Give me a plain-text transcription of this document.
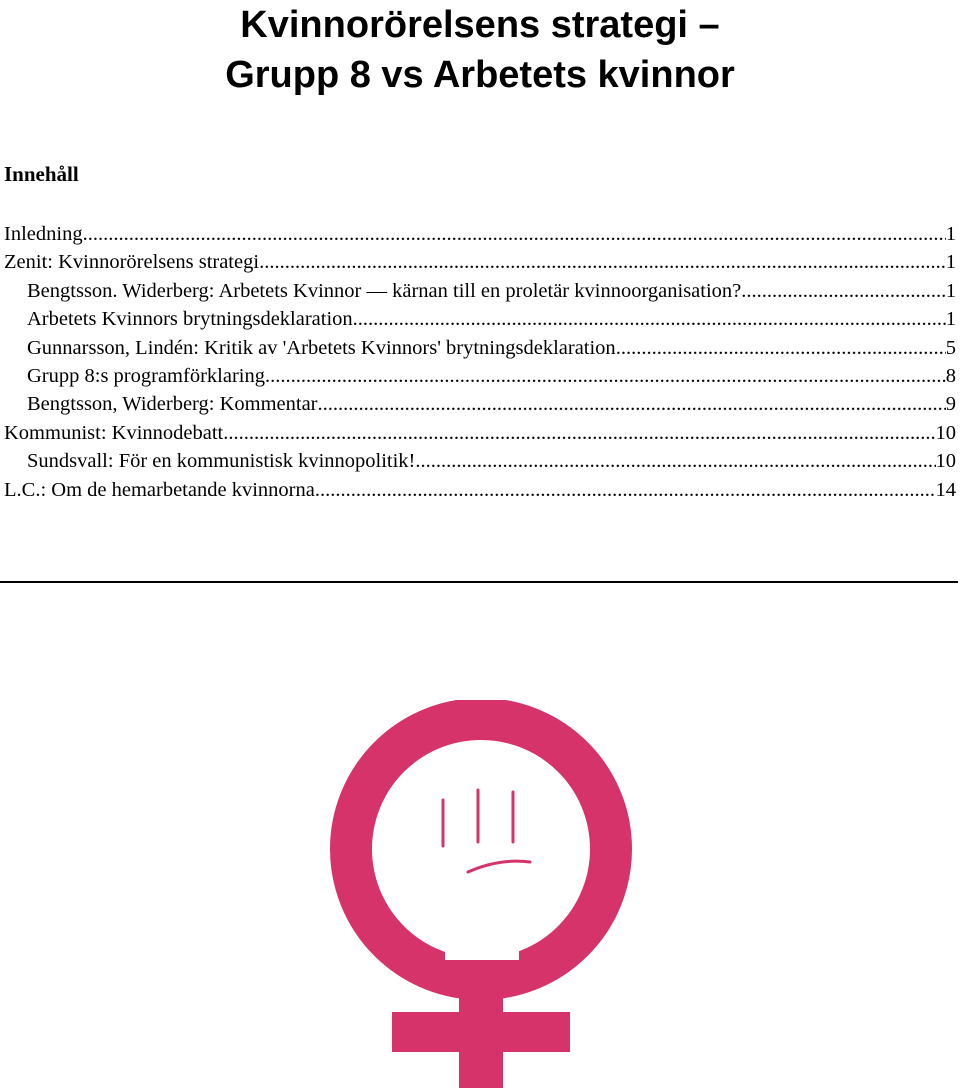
Kvinnorörelsens strategi –
Grupp 8 vs Arbetets kvinnor
Innehåll
Inledning .....	1
Zenit: Kvinnorörelsens strategi .....	1
Bengtsson. Widerberg: Arbetets Kvinnor — kärnan till en proletär kvinnoorganisation? .....	1
Arbetets Kvinnors brytningsdeklaration .....	1
Gunnarsson, Lindén: Kritik av 'Arbetets Kvinnors' brytningsdeklaration .....	5
Grupp 8:s programförklaring .....	8
Bengtsson, Widerberg: Kommentar .....	9
Kommunist: Kvinnodebatt .....	10
Sundsvall: För en kommunistisk kvinnopolitik! .....	10
L.C.: Om de hemarbetande kvinnorna .....	14
